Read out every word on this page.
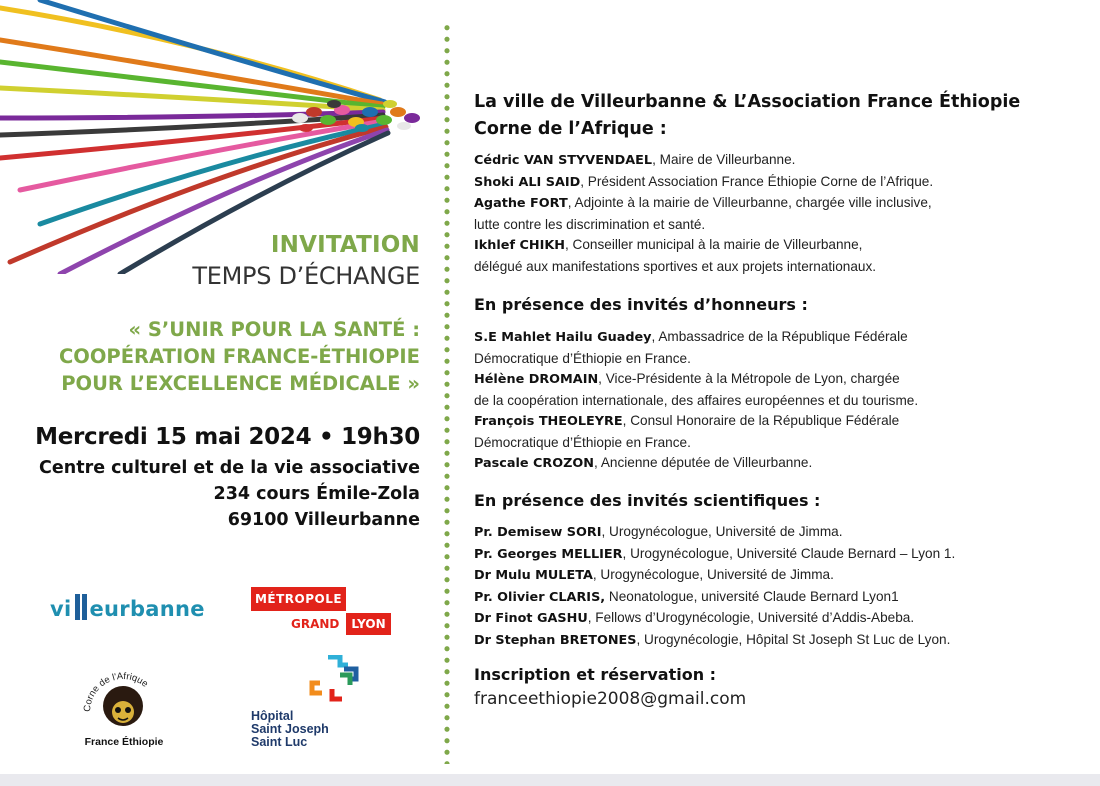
INVITATION
TEMPS D’ÉCHANGE
« S’UNIR POUR LA SANTÉ :
COOPÉRATION FRANCE-ÉTHIOPIE
POUR L’EXCELLENCE MÉDICALE »
Mercredi 15 mai 2024 • 19h30
Centre culturel et de la vie associative
234 cours Émile-Zola
69100 Villeurbanne
vi eurbanne	MÉTROPOLE
GRAND LYON
Corne de l'Afrique
France Éthiopie
Hôpital
Saint Joseph
Saint Luc
La ville de Villeurbanne & L’Association France Éthiopie
Corne de l’Afrique :
Cédric VAN STYVENDAEL, Maire de Villeurbanne.
Shoki ALI SAID, Président Association France Éthiopie Corne de l’Afrique.
Agathe FORT, Adjointe à la mairie de Villeurbanne, chargée ville inclusive,
lutte contre les discrimination et santé.
Ikhlef CHIKH, Conseiller municipal à la mairie de Villeurbanne,
délégué aux manifestations sportives et aux projets internationaux.
En présence des invités d’honneurs :
S.E Mahlet Hailu Guadey, Ambassadrice de la République Fédérale
Démocratique d’Éthiopie en France.
Hélène DROMAIN, Vice-Présidente à la Métropole de Lyon, chargée
de la coopération internationale, des affaires européennes et du tourisme.
François THEOLEYRE, Consul Honoraire de la République Fédérale
Démocratique d’Éthiopie en France.
Pascale CROZON, Ancienne députée de Villeurbanne.
En présence des invités scientifiques :
Pr. Demisew SORI, Urogynécologue, Université de Jimma.
Pr. Georges MELLIER, Urogynécologue, Université Claude Bernard – Lyon 1.
Dr Mulu MULETA, Urogynécologue, Université de Jimma.
Pr. Olivier CLARIS, Neonatologue, université Claude Bernard Lyon1
Dr Finot GASHU, Fellows d’Urogynécologie, Université d’Addis-Abeba.
Dr Stephan BRETONES, Urogynécologie, Hôpital St Joseph St Luc de Lyon.
Inscription et réservation :
franceethiopie2008@gmail.com
